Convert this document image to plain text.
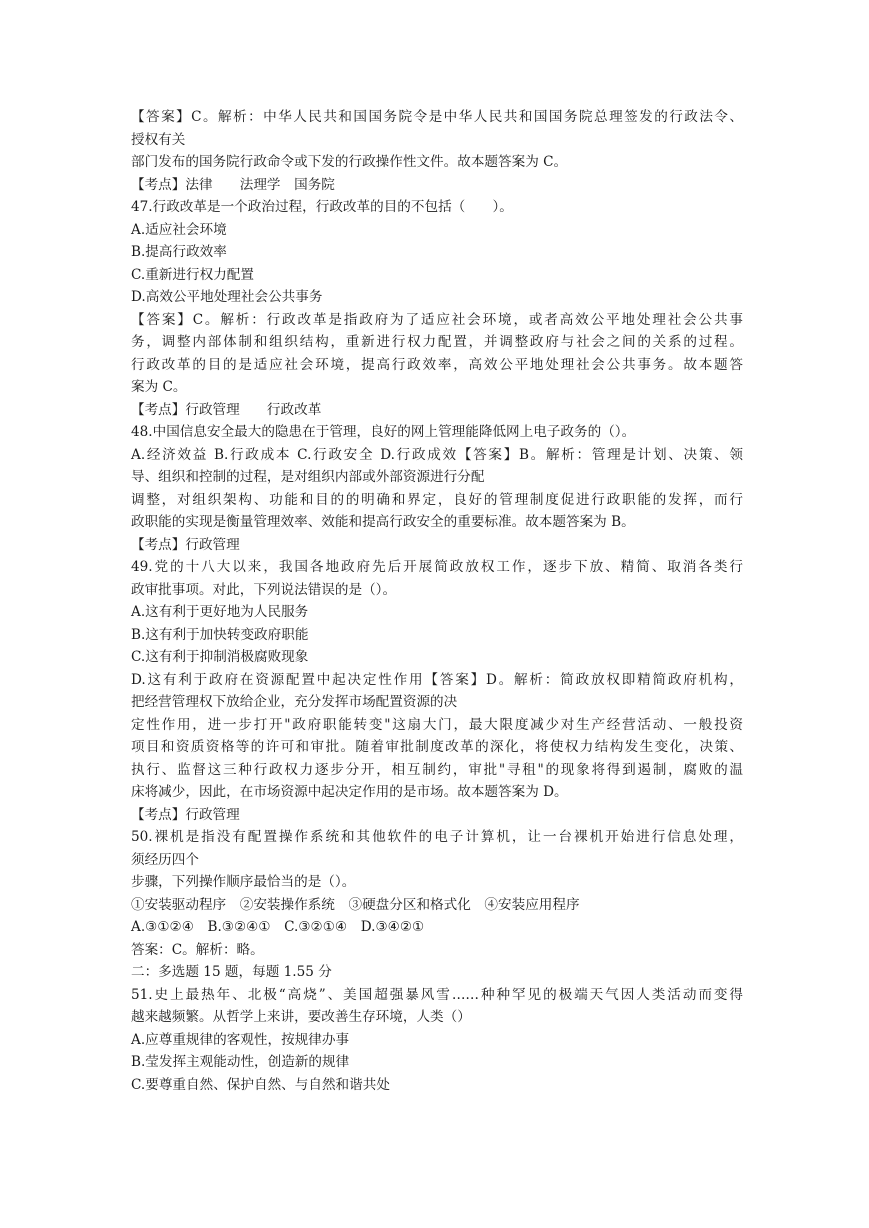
【答案】C。解析：中华人民共和国国务院令是中华人民共和国国务院总理签发的行政法令、
授权有关
部门发布的国务院行政命令或下发的行政操作性文件。故本题答案为 C。
【考点】法律　　法理学　国务院
47.行政改革是一个政治过程，行政改革的目的不包括（　　）。
A.适应社会环境
B.提高行政效率
C.重新进行权力配置
D.高效公平地处理社会公共事务
【答案】C。解析：行政改革是指政府为了适应社会环境，或者高效公平地处理社会公共事
务，调整内部体制和组织结构，重新进行权力配置，并调整政府与社会之间的关系的过程。
行政改革的目的是适应社会环境，提高行政效率，高效公平地处理社会公共事务。故本题答
案为 C。
【考点】行政管理　　行政改革
48.中国信息安全最大的隐患在于管理，良好的网上管理能降低网上电子政务的（）。
A.经济效益 B.行政成本 C.行政安全 D.行政成效【答案】B。解析：管理是计划、决策、领
导、组织和控制的过程，是对组织内部或外部资源进行分配
调整，对组织架构、功能和目的的明确和界定，良好的管理制度促进行政职能的发挥，而行
政职能的实现是衡量管理效率、效能和提高行政安全的重要标准。故本题答案为 B。
【考点】行政管理
49.党的十八大以来，我国各地政府先后开展简政放权工作，逐步下放、精简、取消各类行
政审批事项。对此，下列说法错误的是（）。
A.这有利于更好地为人民服务
B.这有利于加快转变政府职能
C.这有利于抑制消极腐败现象
D.这有利于政府在资源配置中起决定性作用【答案】D。解析：简政放权即精简政府机构，
把经营管理权下放给企业，充分发挥市场配置资源的决
定性作用，进一步打开"政府职能转变"这扇大门，最大限度减少对生产经营活动、一般投资
项目和资质资格等的许可和审批。随着审批制度改革的深化，将使权力结构发生变化，决策、
执行、监督这三种行政权力逐步分开，相互制约，审批"寻租"的现象将得到遏制，腐败的温
床将减少，因此，在市场资源中起决定作用的是市场。故本题答案为 D。
【考点】行政管理
50.裸机是指没有配置操作系统和其他软件的电子计算机，让一台裸机开始进行信息处理，
须经历四个
步骤，下列操作顺序最恰当的是（）。
①安装驱动程序　②安装操作系统　③硬盘分区和格式化　④安装应用程序
A.③①②④　B.③②④①　C.③②①④　D.③④②①
答案：C。解析：略。
二：多选题 15 题，每题 1.55 分
51.史上最热年、北极“高烧”、美国超强暴风雪……种种罕见的极端天气因人类活动而变得
越来越频繁。从哲学上来讲，要改善生存环境，人类（）
A.应尊重规律的客观性，按规律办事
B.莹发挥主观能动性，创造新的规律
C.要尊重自然、保护自然、与自然和谐共处
